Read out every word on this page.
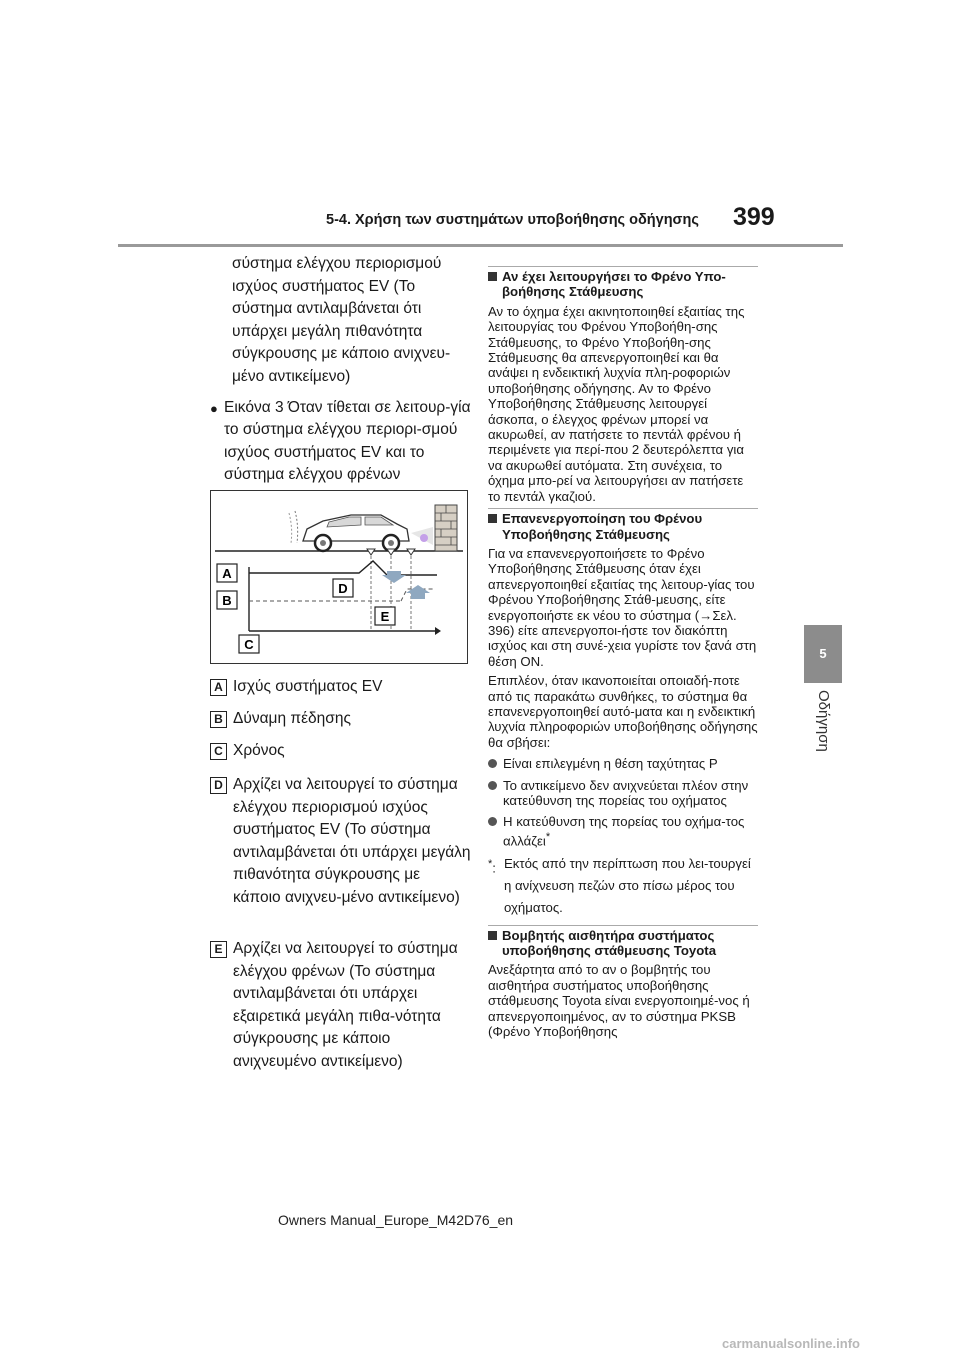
5-4. Χρήση των συστημάτων υποβοήθησης οδήγησης 399
5
Οδήγηση

σύστημα ελέγχου περιορισμού ισχύος συστήματος EV (Το σύστημα αντιλαμβάνεται ότι υπάρχει μεγάλη πιθανότητα σύγκρουσης με κάποιο ανιχνευ-μένο αντικείμενο)

● Εικόνα 3 Όταν τίθεται σε λειτουρ-γία το σύστημα ελέγχου περιορι-σμού ισχύος συστήματος EV και το σύστημα ελέγχου φρένων
A
B
C
D
E
A Ισχύς συστήματος EV
B Δύναμη πέδησης
C Χρόνος
D Αρχίζει να λειτουργεί το σύστημα ελέγχου περιορισμού ισχύος συστήματος EV (Το σύστημα αντιλαμβάνεται ότι υπάρχει μεγάλη πιθανότητα σύγκρουσης με κάποιο ανιχνευ-μένο αντικείμενο)
E Αρχίζει να λειτουργεί το σύστημα ελέγχου φρένων (Το σύστημα αντιλαμβάνεται ότι υπάρχει εξαιρετικά μεγάλη πιθα-νότητα σύγκρουσης με κάποιο ανιχνευμένο αντικείμενο)
Αν έχει λειτουργήσει το Φρένο Υπο-βοήθησης Στάθμευσης

Αν το όχημα έχει ακινητοποιηθεί εξαιτίας της λειτουργίας του Φρένου Υποβοήθη-σης Στάθμευσης, το Φρένο Υποβοήθη-σης Στάθμευσης θα απενεργοποιηθεί και θα ανάψει η ενδεικτική λυχνία πλη-ροφοριών υποβοήθησης οδήγησης. Αν το Φρένο Υποβοήθησης Στάθμευσης λειτουργεί άσκοπα, ο έλεγχος φρένων μπορεί να ακυρωθεί, αν πατήσετε το πεντάλ φρένου ή περιμένετε για περί-που 2 δευτερόλεπτα για να ακυρωθεί αυτόματα. Στη συνέχεια, το όχημα μπο-ρεί να λειτουργήσει αν πατήσετε το πεντάλ γκαζιού.

Επανενεργοποίηση του Φρένου Υποβοήθησης Στάθμευσης

Για να επανενεργοποιήσετε το Φρένο Υποβοήθησης Στάθμευσης όταν έχει απενεργοποιηθεί εξαιτίας της λειτουρ-γίας του Φρένου Υποβοήθησης Στάθ-μευσης, είτε ενεργοποιήστε εκ νέου το σύστημα (→Σελ. 396) είτε απενεργοποι-ήστε τον διακόπτη ισχύος και στη συνέ-χεια γυρίστε τον ξανά στη θέση ON.

Επιπλέον, όταν ικανοποιείται οποιαδή-ποτε από τις παρακάτω συνθήκες, το σύστημα θα επανενεργοποιηθεί αυτό-ματα και η ενδεικτική λυχνία πληροφοριών υποβοήθησης οδήγησης θα σβήσει:

Είναι επιλεγμένη η θέση ταχύτητας P
Το αντικείμενο δεν ανιχνεύεται πλέον στην κατεύθυνση της πορείας του οχήματος
Η κατεύθυνση της πορείας του οχήμα-τος αλλάζει*
*: Εκτός από την περίπτωση που λει-τουργεί η ανίχνευση πεζών στο πίσω μέρος του οχήματος.
Βομβητής αισθητήρα συστήματος υποβοήθησης στάθμευσης Toyota

Ανεξάρτητα από το αν ο βομβητής του αισθητήρα συστήματος υποβοήθησης στάθμευσης Toyota είναι ενεργοποιημέ-νος ή απενεργοποιημένος, αν το σύστημα PKSB (Φρένο Υποβοήθησης

Owners Manual_Europe_M42D76_en
carmanualsonline.info
